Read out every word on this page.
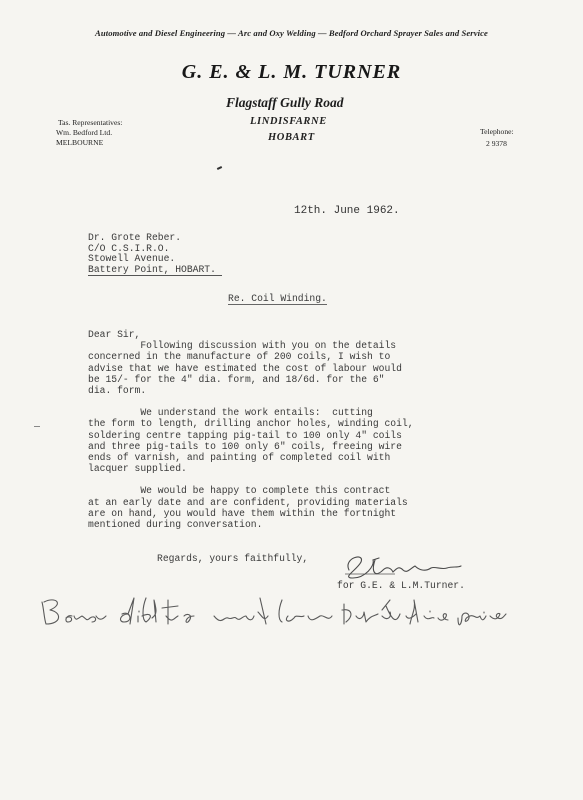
Automotive and Diesel Engineering — Arc and Oxy Welding — Bedford Orchard Sprayer Sales and Service
G. E. & L. M. TURNER
Flagstaff Gully Road
LINDISFARNE
HOBART
Tas. Representatives:
Wm. Bedford Ltd.
MELBOURNE
Telephone:
2 9378
12th. June 1962.
Dr. Grote Reber.
C/O C.S.I.R.O.
Stowell Avenue.
Battery Point, HOBART.
Re. Coil Winding.

Dear Sir,

Following discussion with you on the details

concerned in the manufacture of 200 coils, I wish to

advise that we have estimated the cost of labour would

be 15/- for the 4" dia. form, and 18/6d. for the 6"

dia. form.

We understand the work entails:  cutting

the form to length, drilling anchor holes, winding coil,

soldering centre tapping pig-tail to 100 only 4" coils

and three pig-tails to 100 only 6" coils, freeing wire

ends of varnish, and painting of completed coil with

lacquer supplied.

We would be happy to complete this contract

at an early date and are confident, providing materials

are on hand, you would have them within the fortnight

mentioned during conversation.

Regards, yours faithfully,
for G.E. & L.M.Turner.
